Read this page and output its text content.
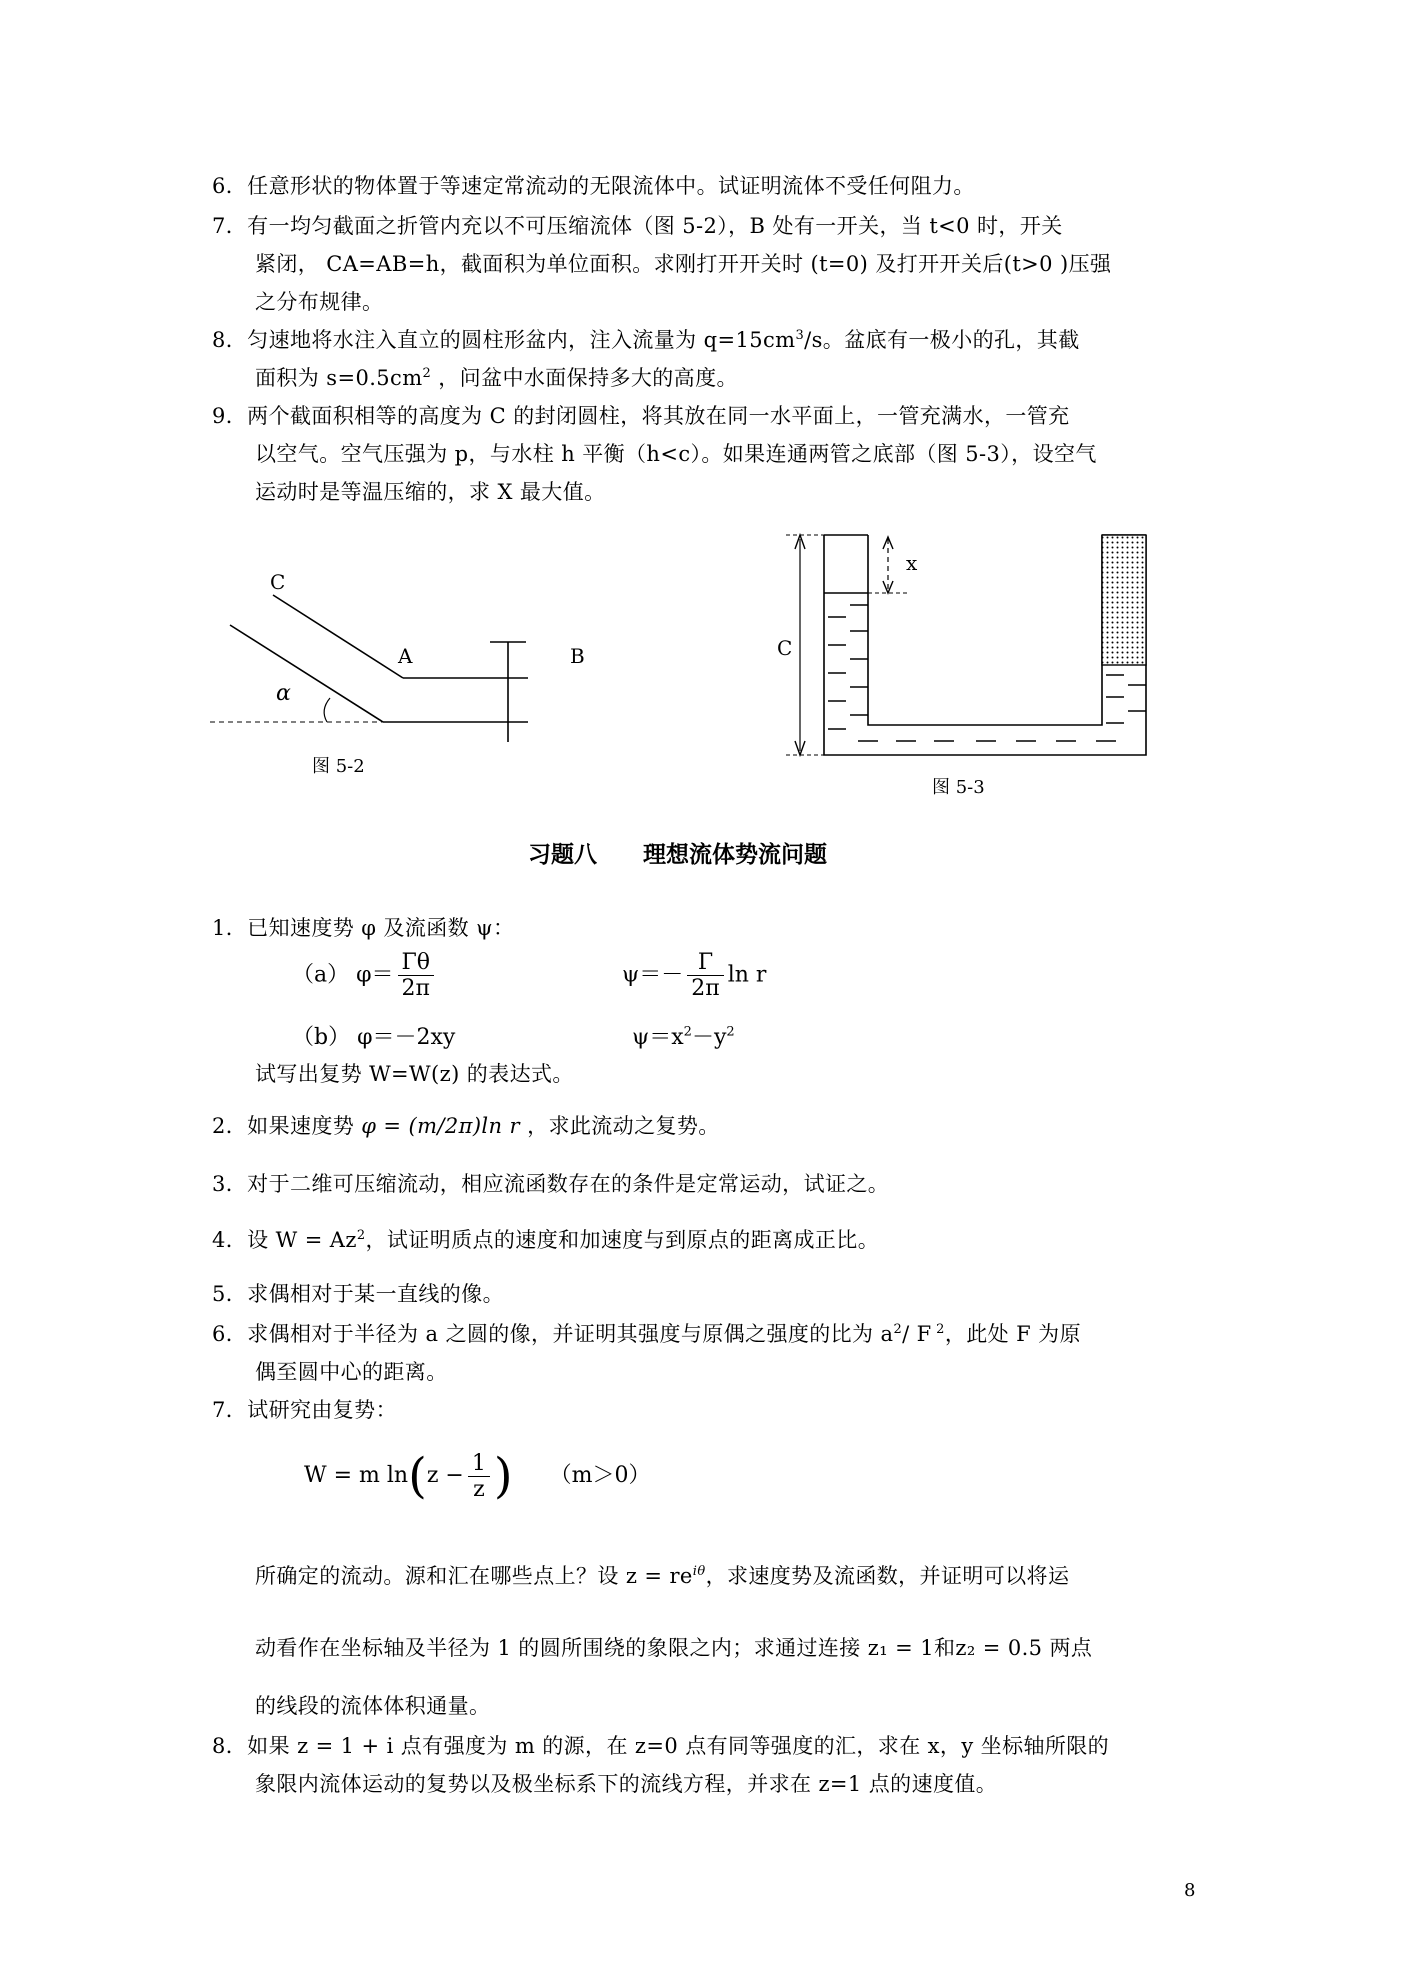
6．任意形状的物体置于等速定常流动的无限流体中。试证明流体不受任何阻力。
7．有一均匀截面之折管内充以不可压缩流体（图 5-2），B 处有一开关，当 t<0 时，开关
紧闭， CA=AB=h，截面积为单位面积。求刚打开开关时 (t=0) 及打开开关后(t>0 )压强
之分布规律。
8．匀速地将水注入直立的圆柱形盆内，注入流量为 $q=15cm^3/s$。盆底有一极小的孔，其截
面积为 $s=0.5cm^2$ ，问盆中水面保持多大的高度。
9．两个截面积相等的高度为 C 的封闭圆柱，将其放在同一水平面上，一管充满水，一管充
以空气。空气压强为 p，与水柱 h 平衡（h<c）。如果连通两管之底部（图 5-3），设空气
运动时是等温压缩的，求 X 最大值。
C
A	B
α
图 5-2
C
x
图 5-3
习题八　　理想流体势流问题
1．已知速度势 φ 及流函数 ψ：
（a） $\varphi= \frac{\Gamma\theta}{2\pi}$	$\psi=- \frac{\Gamma}{2\pi}$ ln r
（b） φ＝－2xy	$\psi=x^2-y^2$
试写出复势 W=W(z) 的表达式。
2．如果速度势 φ = (m/2π)ln r ，求此流动之复势。
3．对于二维可压缩流动，相应流函数存在的条件是定常运动，试证之。
4．设 $W = Az^2$，试证明质点的速度和加速度与到原点的距离成正比。
5．求偶相对于某一直线的像。
6．求偶相对于半径为 a 之圆的像，并证明其强度与原偶之强度的比为 $a^2/$ F $^2$，此处 F 为原
偶至圆中心的距离。
7．试研究由复势：
W = m $\ln(z - \frac{1}{z}$ ) （m＞0）
所确定的流动。源和汇在哪些点上？设 $z = re^{i\theta}$，求速度势及流函数，并证明可以将运
动看作在坐标轴及半径为 1 的圆所围绕的象限之内；求通过连接 z₁ = 1和z₂ = 0.5 两点
的线段的流体体积通量。
8．如果 z = 1 + i 点有强度为 m 的源，在 z=0 点有同等强度的汇，求在 x，y 坐标轴所限的
象限内流体运动的复势以及极坐标系下的流线方程，并求在 z=1 点的速度值。
8
